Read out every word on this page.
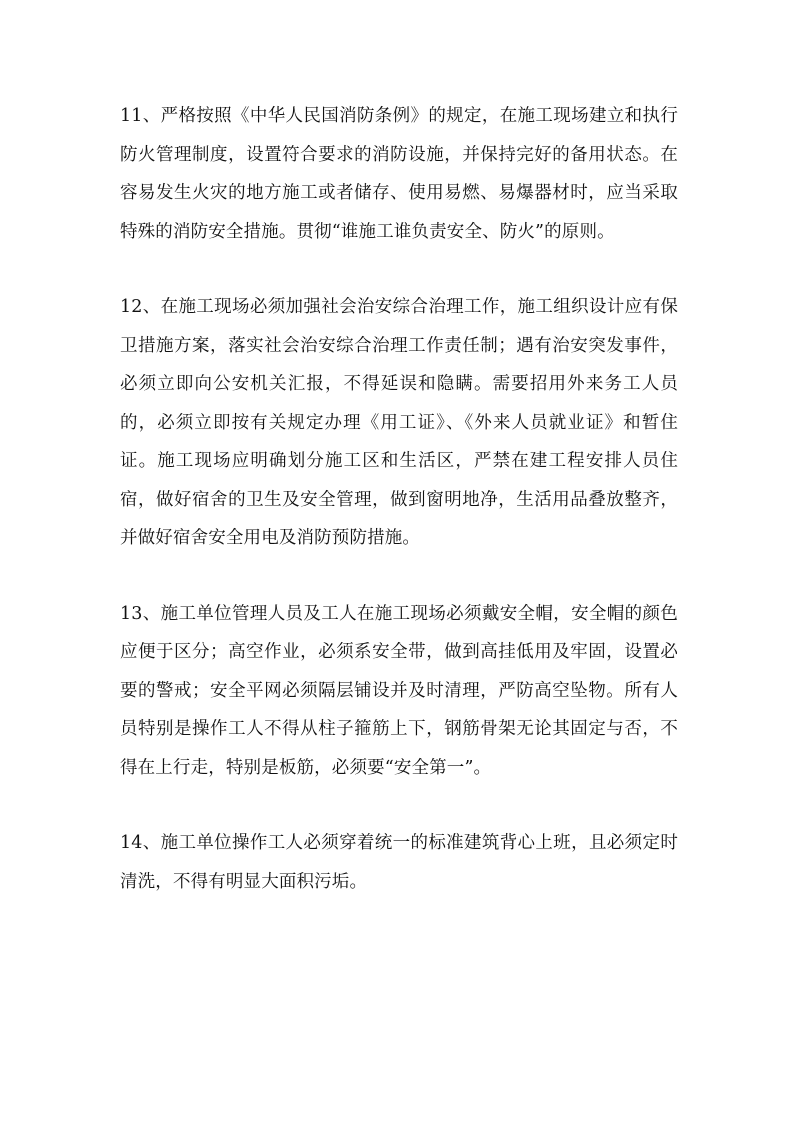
11、严格按照《中华人民国消防条例》的规定，在施工现场建立和执行防火管理制度，设置符合要求的消防设施，并保持完好的备用状态。在容易发生火灾的地方施工或者储存、使用易燃、易爆器材时，应当采取特殊的消防安全措施。贯彻“谁施工谁负责安全、防火”的原则。

12、在施工现场必须加强社会治安综合治理工作，施工组织设计应有保卫措施方案，落实社会治安综合治理工作责任制；遇有治安突发事件，必须立即向公安机关汇报，不得延误和隐瞒。需要招用外来务工人员的，必须立即按有关规定办理《用工证》、《外来人员就业证》和暂住证。施工现场应明确划分施工区和生活区，严禁在建工程安排人员住宿，做好宿舍的卫生及安全管理，做到窗明地净，生活用品叠放整齐，并做好宿舍安全用电及消防预防措施。

13、施工单位管理人员及工人在施工现场必须戴安全帽，安全帽的颜色应便于区分；高空作业，必须系安全带，做到高挂低用及牢固，设置必要的警戒；安全平网必须隔层铺设并及时清理，严防高空坠物。所有人员特别是操作工人不得从柱子箍筋上下，钢筋骨架无论其固定与否，不得在上行走，特别是板筋，必须要“安全第一”。

14、施工单位操作工人必须穿着统一的标准建筑背心上班，且必须定时清洗，不得有明显大面积污垢。
